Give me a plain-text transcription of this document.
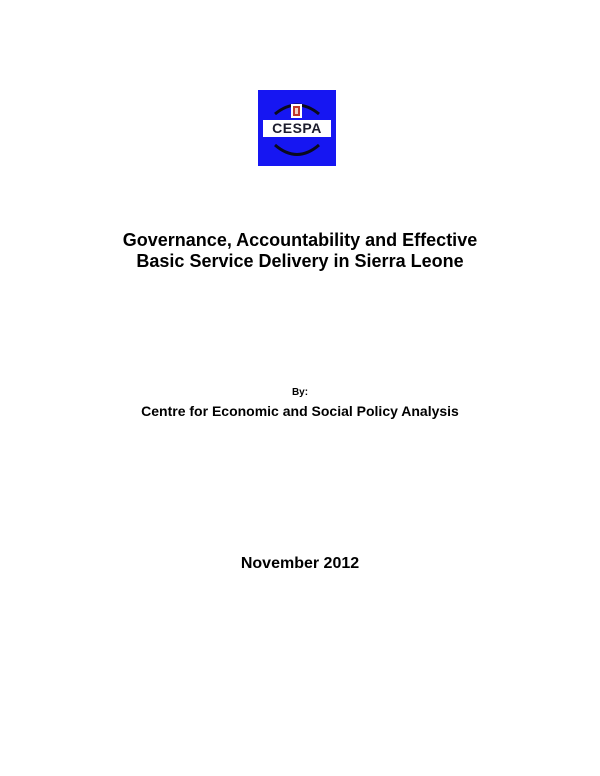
CESPA
Governance, Accountability and Effective
Basic Service Delivery in Sierra Leone
By:
Centre for Economic and Social Policy Analysis
November 2012
